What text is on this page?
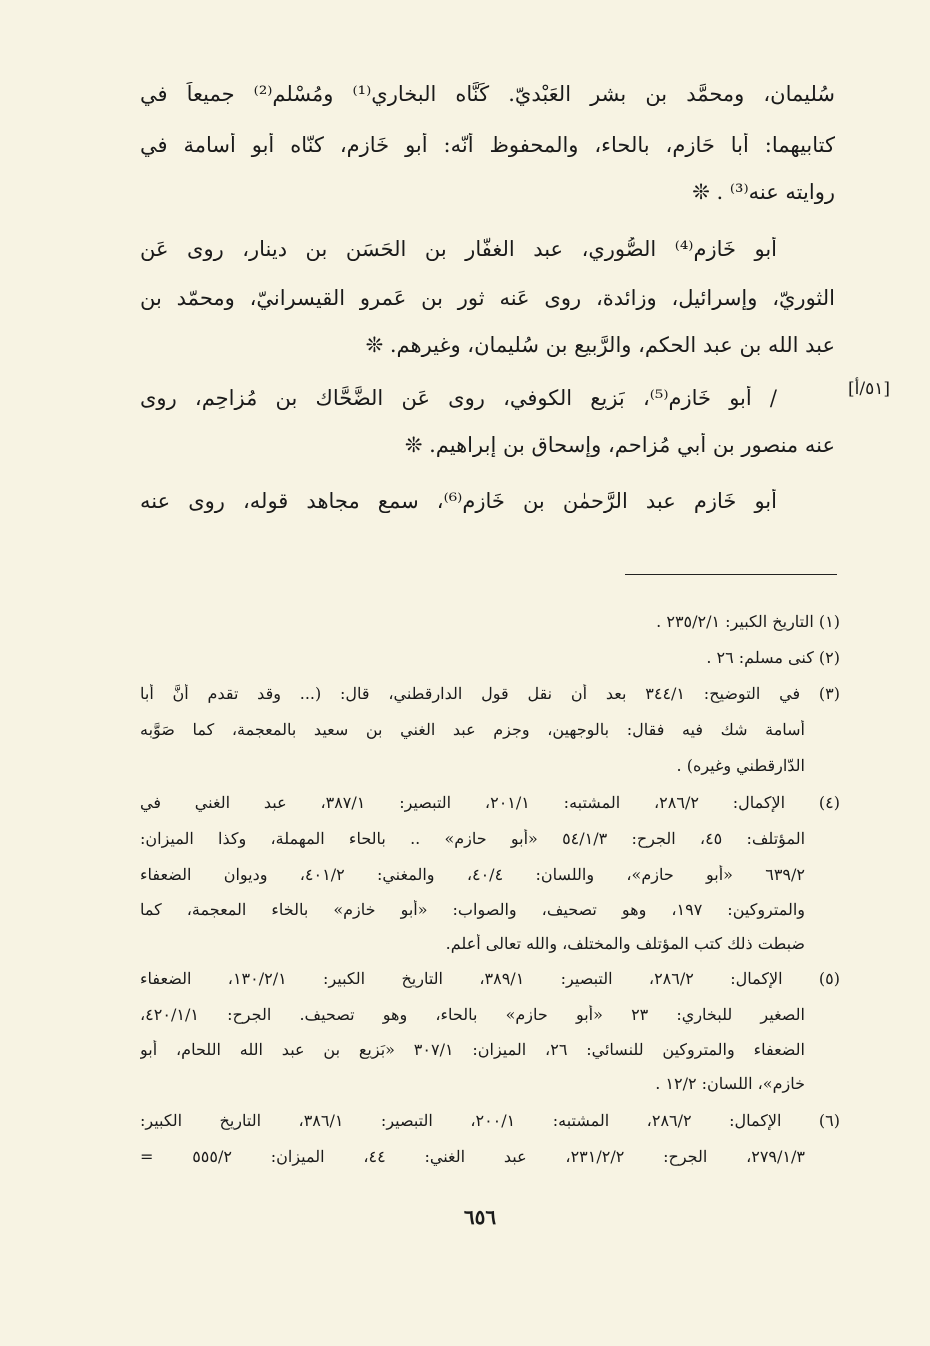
سُليمان، ومحمَّد بن بشر العَبْديّ. كَنَّاه البخاري⁽¹⁾ ومُسْلم⁽²⁾ جميعاً في
كتابيهما: أبا حَازِم، بالحاء، والمحفوظ أنّه: أبو خَازِم، كنّاه أبو أسامة في
روايته عنه⁽³⁾ . ❊
أبو خَازِم⁽⁴⁾ الصُّوري، عبد الغفّار بن الحَسَن بن دينار، روى عَن
الثوريّ، وإسرائيل، وزائدة، روى عَنه ثور بن عَمرو القيسرانيّ، ومحمّد بن
عبد الله بن عبد الحكم، والرَّبيع بن سُليمان، وغيرهم. ❊
/ أبو خَازِم⁽⁵⁾، بَزِيع الكوفي، روى عَن الضَّحَّاك بن مُزاحِم، روى
عنه منصور بن أبي مُزاحم، وإسحاق بن إبراهيم. ❊
أبو خَازِم عبد الرَّحمٰن بن خَازِم⁽⁶⁾، سمع مجاهد قوله، روى عنه
[٥١/أ]
(١) التاريخ الكبير: ٢٣٥/٢/١ .
(٢) كنى مسلم: ٢٦ .
(٣) في التوضيح: ٣٤٤/١ بعد أن نقل قول الدارقطني، قال: (... وقد تقدم أنَّ أبا
أسامة شك فيه فقال: بالوجهين، وجزم عبد الغني بن سعيد بالمعجمة، كما صَوَّبه
الدّارقطني وغيره) .
(٤) الإكمال: ٢٨٦/٢، المشتبه: ٢٠١/١، التبصير: ٣٨٧/١، عبد الغني في
المؤتلف: ٤٥، الجرح: ٥٤/١/٣ «أبو حازم» .. بالحاء المهملة، وكذا الميزان:
٦٣٩/٢ «أبو حازم»، واللسان: ٤٠/٤، والمغني: ٤٠١/٢، وديوان الضعفاء
والمتروكين: ١٩٧، وهو تصحيف، والصواب: «أبو خازم» بالخاء المعجمة، كما
ضبطت ذلك كتب المؤتلف والمختلف، والله تعالى أعلم.
(٥) الإكمال: ٢٨٦/٢، التبصير: ٣٨٩/١، التاريخ الكبير: ١٣٠/٢/١، الضعفاء
الصغير للبخاري: ٢٣ «أبو حازم» بالحاء، وهو تصحيف. الجرح: ٤٢٠/١/١،
الضعفاء والمتروكين للنسائي: ٢٦، الميزان: ٣٠٧/١ «بَزيع بن عبد الله اللحام، أبو
خازم»، اللسان: ١٢/٢ .
(٦) الإكمال: ٢٨٦/٢، المشتبه: ٢٠٠/١، التبصير: ٣٨٦/١، التاريخ الكبير:
٢٧٩/١/٣، الجرح: ٢٣١/٢/٢، عبد الغني: ٤٤، الميزان: ٥٥٥/٢ =
٦٥٦
